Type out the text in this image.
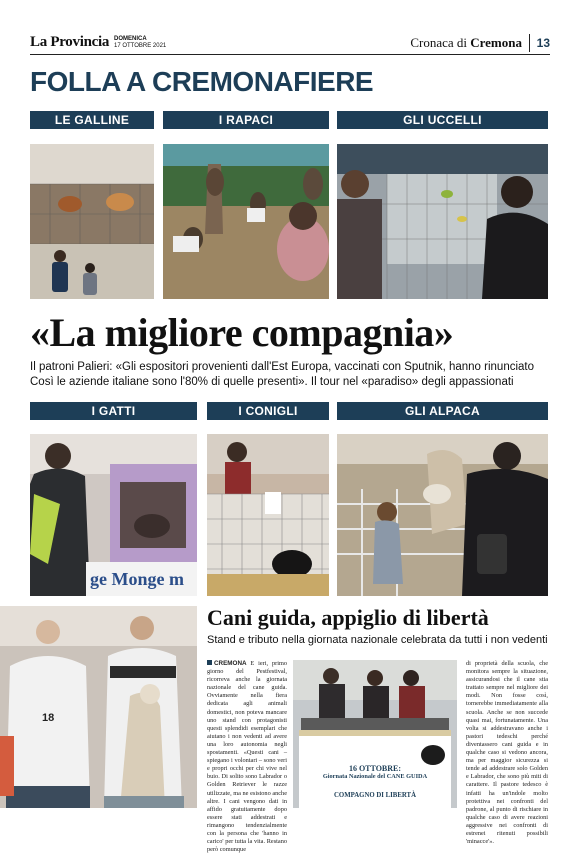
La Provincia DOMENICA
17 OTTOBRE 2021	Cronaca di Cremona	13
FOLLA A CREMONAFIERE
LE GALLINE	I RAPACI	GLI UCCELLI
«La migliore compagnia»
Il patroni Palieri: «Gli espositori provenienti dall'Est Europa, vaccinati con Sputnik, hanno rinunciato Così le aziende italiane sono l'80% di quelle presenti». Il tour nel «paradiso» degli appassionati
I GATTI	I CONIGLI	GLI ALPACA
ge Monge m
18
Cani guida, appiglio di libertà
Stand e tributo nella giornata nazionale celebrata da tutti i non vedenti
CREMONA E ieri, primo giorno del Pestfestival, ricorreva anche la giornata nazionale del cane guida. Ovviamente nella fiera dedicata agli animali domestici, non poteva mancare uno stand con protagonisti questi splendidi esemplari che aiutano i non vedenti ad avere una loro autonomia negli spostamenti. «Questi cani – spiegano i volontari – sono veri e propri occhi per chi vive nel buio. Di solito sono Labrador o Golden Retriever le razze utilizzate, ma ne esistono anche altre. I cani vengono dati in affido gratuitamente dopo essere stati addestrati e rimangono tendenzialmente con la persona che 'hanno in carico' per tutta la vita. Restano però comunque
16 OTTOBRE:
Giornata Nazionale del CANE GUIDA
COMPAGNO DI LIBERTÀ
di proprietà della scuola, che monitora sempre la situazione, assicurandosi che il cane stia trattato sempre nel migliore dei modi. Non fosse così, tornerebbe immediatamente alla scuola. Anche se non succede quasi mai, fortunatamente. Una volta si addestravano anche i pastori tedeschi perché diventassero cani guida e in qualche caso si vedono ancora, ma per maggior sicurezza si tende ad addestrare solo Golden e Labrador, che sono più miti di carattere. Il pastore tedesco è infatti ha un'indole molto protettiva nei confronti del padrone, al punto di rischiare in qualche caso di avere reazioni aggressive nei confronti di estrenei ritenuti possibili 'minacce'».
